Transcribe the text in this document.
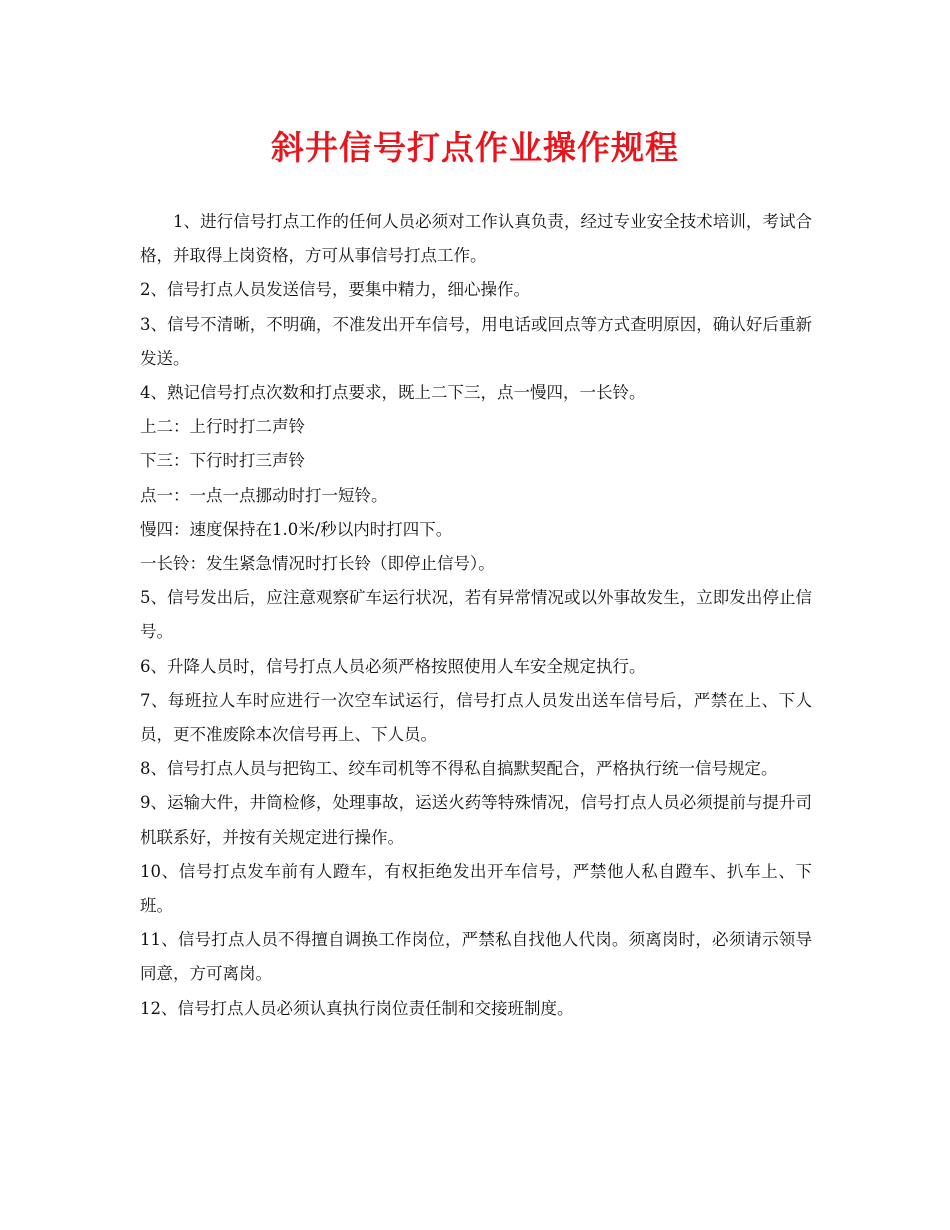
斜井信号打点作业操作规程

1、进行信号打点工作的任何人员必须对工作认真负责，经过专业安全技术培训，考试合格，并取得上岗资格，方可从事信号打点工作。

2、信号打点人员发送信号，要集中精力，细心操作。

3、信号不清晰，不明确，不准发出开车信号，用电话或回点等方式查明原因，确认好后重新发送。

4、熟记信号打点次数和打点要求，既上二下三，点一慢四，一长铃。

上二：上行时打二声铃

下三：下行时打三声铃

点一：一点一点挪动时打一短铃。

慢四：速度保持在1.0米/秒以内时打四下。

一长铃：发生紧急情况时打长铃（即停止信号）。

5、信号发出后，应注意观察矿车运行状况，若有异常情况或以外事故发生，立即发出停止信号。

6、升降人员时，信号打点人员必须严格按照使用人车安全规定执行。

7、每班拉人车时应进行一次空车试运行，信号打点人员发出送车信号后，严禁在上、下人员，更不准废除本次信号再上、下人员。

8、信号打点人员与把钩工、绞车司机等不得私自搞默契配合，严格执行统一信号规定。

9、运输大件，井筒检修，处理事故，运送火药等特殊情况，信号打点人员必须提前与提升司机联系好，并按有关规定进行操作。

10、信号打点发车前有人蹬车，有权拒绝发出开车信号，严禁他人私自蹬车、扒车上、下班。

11、信号打点人员不得擅自调换工作岗位，严禁私自找他人代岗。须离岗时，必须请示领导同意，方可离岗。

12、信号打点人员必须认真执行岗位责任制和交接班制度。
